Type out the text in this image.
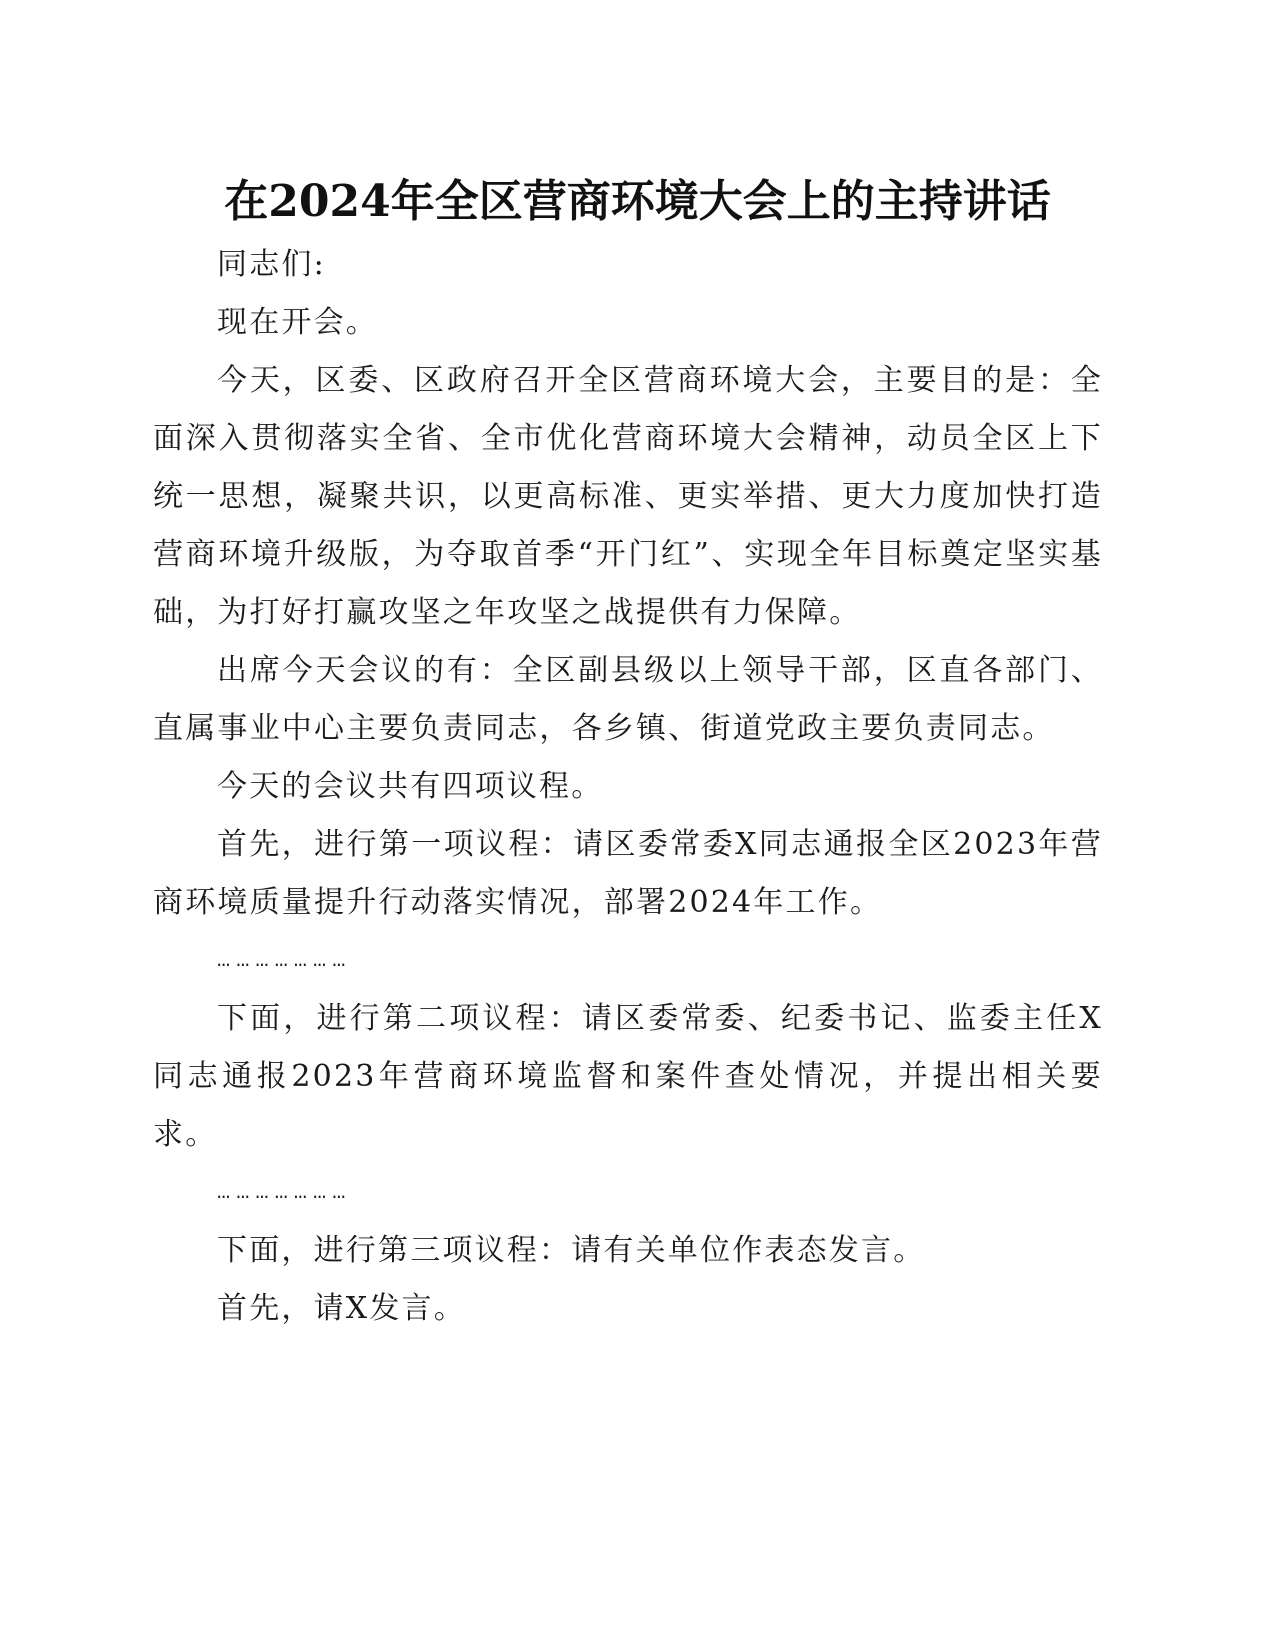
在2024年全区营商环境大会上的主持讲话

同志们:

现在开会。

今天，区委、区政府召开全区营商环境大会，主要目的是：全面深入贯彻落实全省、全市优化营商环境大会精神，动员全区上下统一思想，凝聚共识，以更高标准、更实举措、更大力度加快打造营商环境升级版，为夺取首季“开门红”、实现全年目标奠定坚实基础，为打好打赢攻坚之年攻坚之战提供有力保障。

出席今天会议的有：全区副县级以上领导干部，区直各部门、直属事业中心主要负责同志，各乡镇、街道党政主要负责同志。

今天的会议共有四项议程。

首先，进行第一项议程：请区委常委X同志通报全区2023年营商环境质量提升行动落实情况，部署2024年工作。

…………………

下面，进行第二项议程：请区委常委、纪委书记、监委主任X同志通报2023年营商环境监督和案件查处情况，并提出相关要求。

…………………

下面，进行第三项议程：请有关单位作表态发言。

首先，请X发言。
